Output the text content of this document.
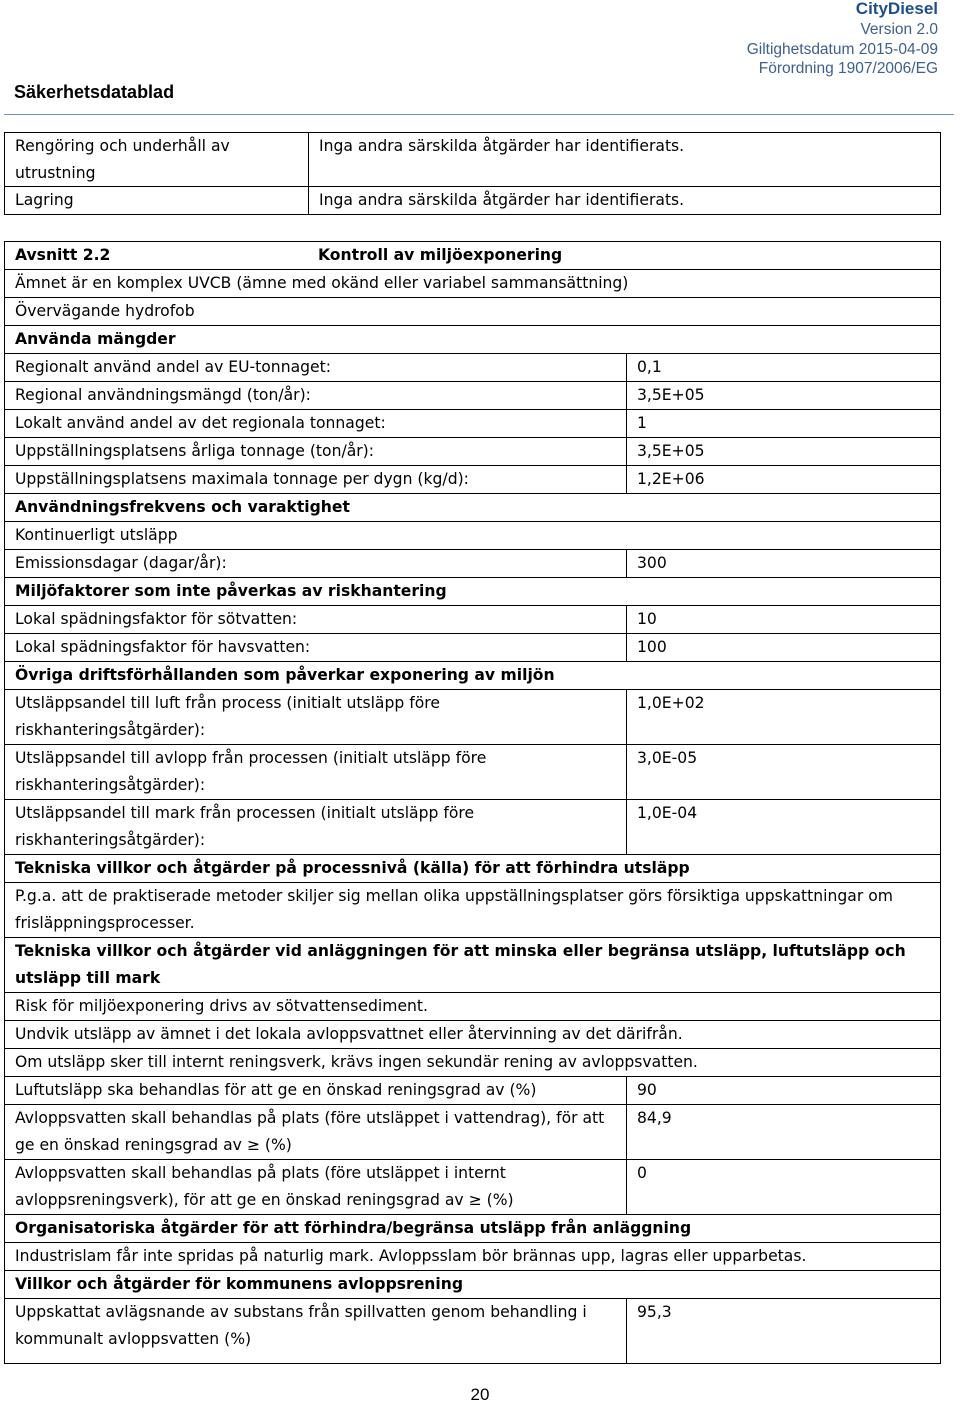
Säkerhetsdatablad
CityDiesel
Version 2.0
Giltighetsdatum 2015-04-09
Förordning 1907/2006/EG
Rengöring och underhåll av utrustning	Inga andra särskilda åtgärder har identifierats.
Lagring	Inga andra särskilda åtgärder har identifierats.
Avsnitt 2.2	Kontroll av miljöexponering	
Ämnet är en komplex UVCB (ämne med okänd eller variabel sammansättning)		
Övervägande hydrofob		
Använda mängder		
Regionalt använd andel av EU-tonnaget:		0,1
Regional användningsmängd (ton/år):		3,5E+05
Lokalt använd andel av det regionala tonnaget:		1
Uppställningsplatsens årliga tonnage (ton/år):		3,5E+05
Uppställningsplatsens maximala tonnage per dygn (kg/d):		1,2E+06
Användningsfrekvens och varaktighet		
Kontinuerligt utsläpp		
Emissionsdagar (dagar/år):		300
Miljöfaktorer som inte påverkas av riskhantering		
Lokal spädningsfaktor för sötvatten:		10
Lokal spädningsfaktor för havsvatten:		100
Övriga driftsförhållanden som påverkar exponering av miljön		
Utsläppsandel till luft från process (initialt utsläpp före riskhanteringsåtgärder):		1,0E+02
Utsläppsandel till avlopp från processen (initialt utsläpp före riskhanteringsåtgärder):		3,0E-05
Utsläppsandel till mark från processen (initialt utsläpp före riskhanteringsåtgärder):		1,0E-04
Tekniska villkor och åtgärder på processnivå (källa) för att förhindra utsläpp		
P.g.a. att de praktiserade metoder skiljer sig mellan olika uppställningsplatser görs försiktiga uppskattningar om frisläppningsprocesser.		
Tekniska villkor och åtgärder vid anläggningen för att minska eller begränsa utsläpp, luftutsläpp och utsläpp till mark		
Risk för miljöexponering drivs av sötvattensediment.		
Undvik utsläpp av ämnet i det lokala avloppsvattnet eller återvinning av det därifrån.		
Om utsläpp sker till internt reningsverk, krävs ingen sekundär rening av avloppsvatten.		
Luftutsläpp ska behandlas för att ge en önskad reningsgrad av (%)		90
Avloppsvatten skall behandlas på plats (före utsläppet i vattendrag), för att ge en önskad reningsgrad av ≥ (%)		84,9
Avloppsvatten skall behandlas på plats (före utsläppet i internt avloppsreningsverk), för att ge en önskad reningsgrad av ≥ (%)		0
Organisatoriska åtgärder för att förhindra/begränsa utsläpp från anläggning		
Industrislam får inte spridas på naturlig mark. Avloppsslam bör brännas upp, lagras eller upparbetas.		
Villkor och åtgärder för kommunens avloppsrening		
Uppskattat avlägsnande av substans från spillvatten genom behandling i kommunalt avloppsvatten (%)		95,3
20
